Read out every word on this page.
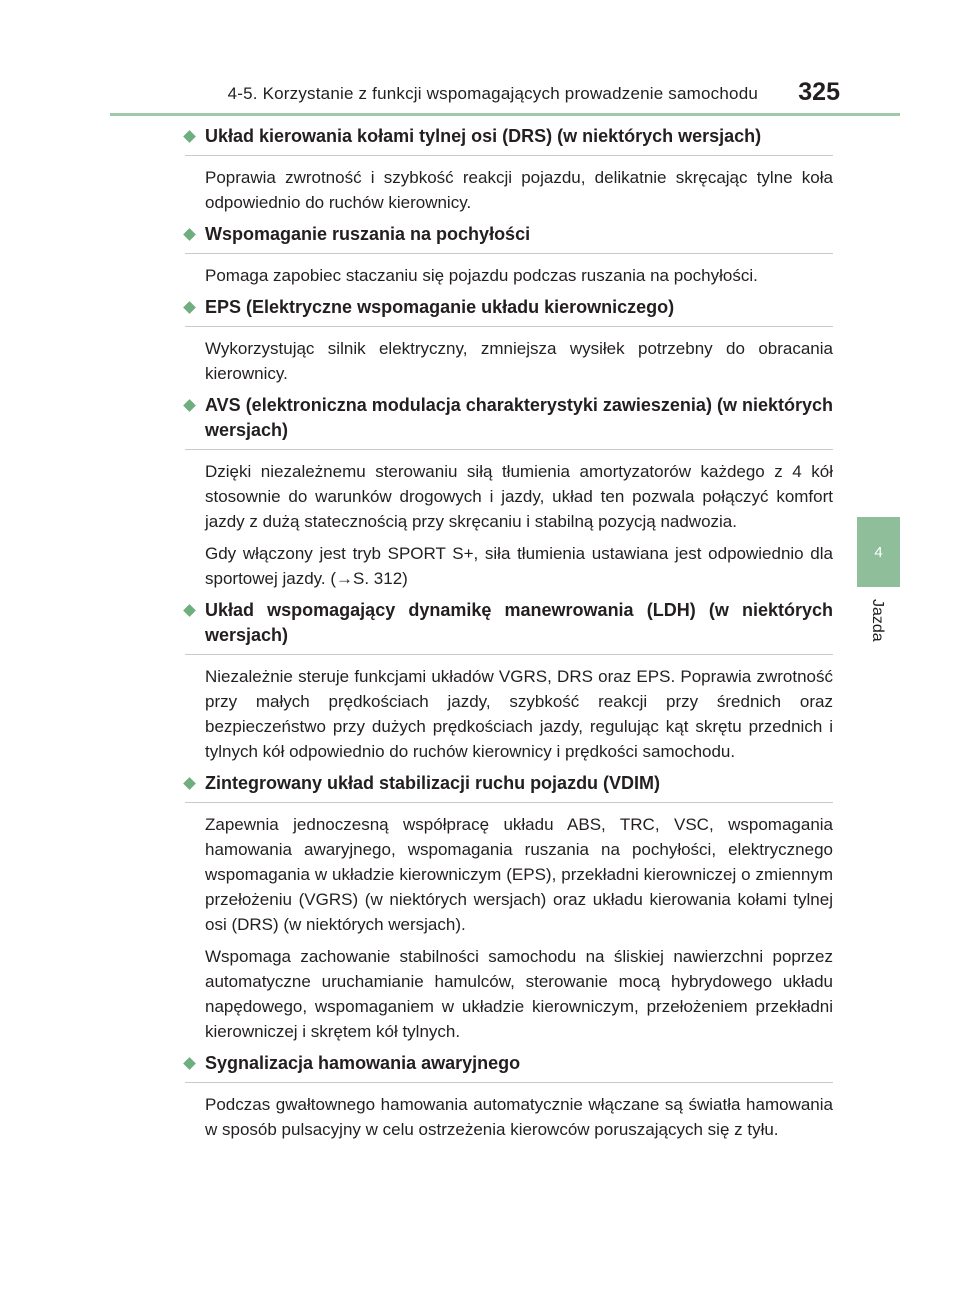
4-5. Korzystanie z funkcji wspomagających prowadzenie samochodu 325
4
Jazda
Układ kierowania kołami tylnej osi (DRS) (w niektórych wersjach)

Poprawia zwrotność i szybkość reakcji pojazdu, delikatnie skręcając tylne koła odpowiednio do ruchów kierownicy.

Wspomaganie ruszania na pochyłości

Pomaga zapobiec staczaniu się pojazdu podczas ruszania na pochyłości.

EPS (Elektryczne wspomaganie układu kierowniczego)

Wykorzystując silnik elektryczny, zmniejsza wysiłek potrzebny do obracania kierownicy.

AVS (elektroniczna modulacja charakterystyki zawieszenia) (w niektórych wersjach)

Dzięki niezależnemu sterowaniu siłą tłumienia amortyzatorów każdego z 4 kół stosownie do warunków drogowych i jazdy, układ ten pozwala połączyć komfort jazdy z dużą statecznością przy skręcaniu i stabilną pozycją nadwozia.

Gdy włączony jest tryb SPORT S+, siła tłumienia ustawiana jest odpowiednio dla sportowej jazdy. (→S. 312)

Układ wspomagający dynamikę manewrowania (LDH) (w niektórych wersjach)

Niezależnie steruje funkcjami układów VGRS, DRS oraz EPS. Poprawia zwrotność przy małych prędkościach jazdy, szybkość reakcji przy średnich oraz bezpieczeństwo przy dużych prędkościach jazdy, regulując kąt skrętu przednich i tylnych kół odpowiednio do ruchów kierownicy i prędkości samochodu.

Zintegrowany układ stabilizacji ruchu pojazdu (VDIM)

Zapewnia jednoczesną współpracę układu ABS, TRC, VSC, wspomagania hamowania awaryjnego, wspomagania ruszania na pochyłości, elektrycznego wspomagania w układzie kierowniczym (EPS), przekładni kierowniczej o zmiennym przełożeniu (VGRS) (w niektórych wersjach) oraz układu kierowania kołami tylnej osi (DRS) (w niektórych wersjach).

Wspomaga zachowanie stabilności samochodu na śliskiej nawierzchni poprzez automatyczne uruchamianie hamulców, sterowanie mocą hybrydowego układu napędowego, wspomaganiem w układzie kierowniczym, przełożeniem przekładni kierowniczej i skrętem kół tylnych.

Sygnalizacja hamowania awaryjnego

Podczas gwałtownego hamowania automatycznie włączane są światła hamowania w sposób pulsacyjny w celu ostrzeżenia kierowców poruszających się z tyłu.
